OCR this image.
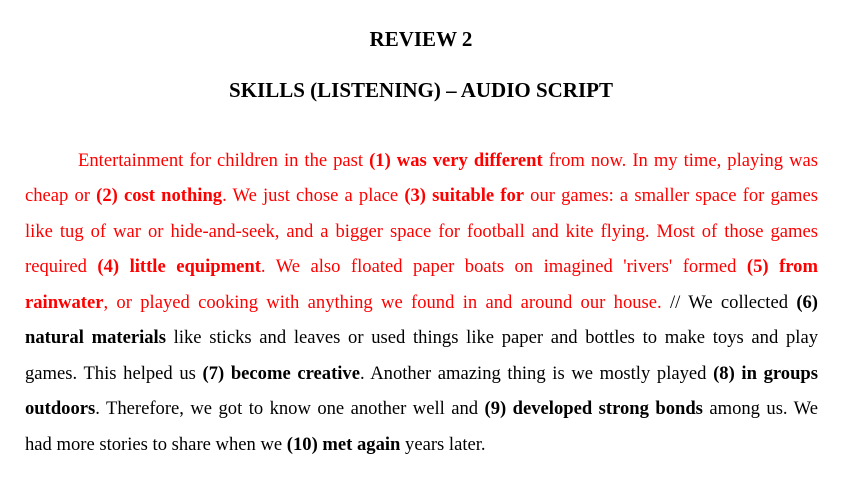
REVIEW 2
SKILLS (LISTENING) – AUDIO SCRIPT

Entertainment for children in the past (1) was very different from now. In my time, playing was cheap or (2) cost nothing. We just chose a place (3) suitable for our games: a smaller space for games like tug of war or hide-and-seek, and a bigger space for football and kite flying. Most of those games required (4) little equipment. We also floated paper boats on imagined 'rivers' formed (5) from rainwater, or played cooking with anything we found in and around our house. // We collected (6) natural materials like sticks and leaves or used things like paper and bottles to make toys and play games. This helped us (7) become creative. Another amazing thing is we mostly played (8) in groups outdoors. Therefore, we got to know one another well and (9) developed strong bonds among us. We had more stories to share when we (10) met again years later.
